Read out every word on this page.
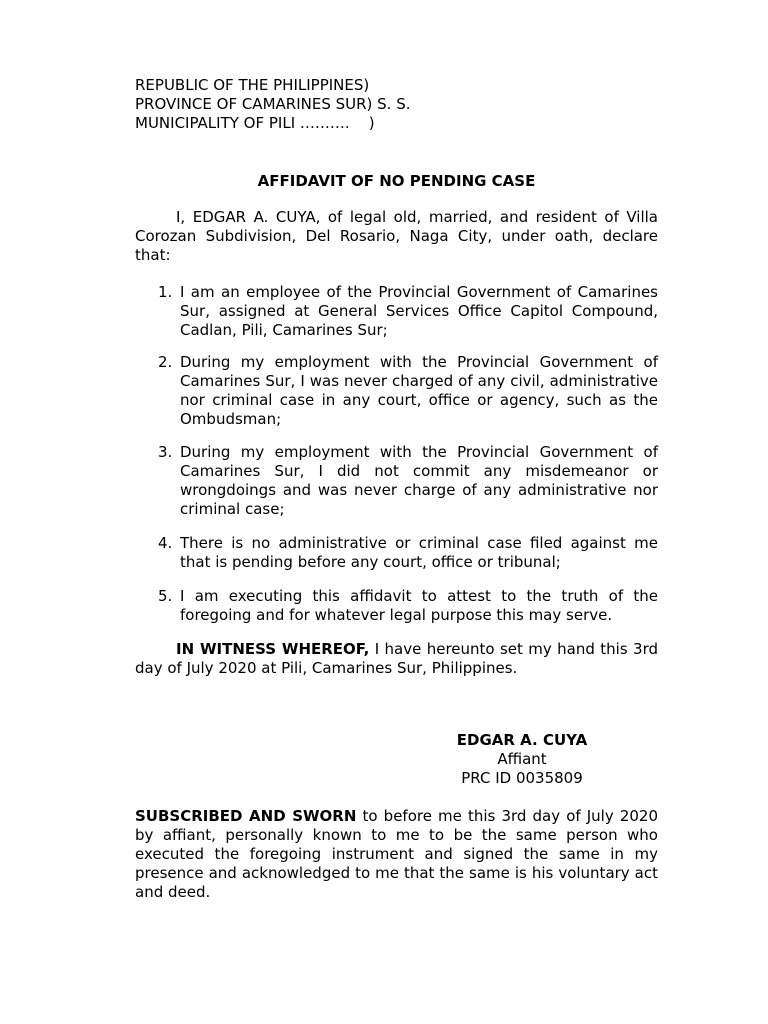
REPUBLIC OF THE PHILIPPINES)
PROVINCE OF CAMARINES SUR) S. S.
MUNICIPALITY OF PILI ……….    )
AFFIDAVIT OF NO PENDING CASE
I, EDGAR A. CUYA, of legal old, married, and resident of Villa Corozan Subdivision, Del Rosario, Naga City, under oath, declare that:
1. I am an employee of the Provincial Government of Camarines Sur, assigned at General Services Office Capitol Compound, Cadlan, Pili, Camarines Sur;
2. During my employment with the Provincial Government of Camarines Sur, I was never charged of any civil, administrative nor criminal case in any court, office or agency, such as the Ombudsman;
3. During my employment with the Provincial Government of Camarines Sur, I did not commit any misdemeanor or wrongdoings and was never charge of any administrative nor criminal case;
4. There is no administrative or criminal case filed against me that is pending before any court, office or tribunal;
5. I am executing this affidavit to attest to the truth of the foregoing and for whatever legal purpose this may serve.
IN WITNESS WHEREOF, I have hereunto set my hand this 3rd day of July 2020 at Pili, Camarines Sur, Philippines.
EDGAR A. CUYA
Affiant
PRC ID 0035809
SUBSCRIBED AND SWORN to before me this 3rd day of July 2020 by affiant, personally known to me to be the same person who executed the foregoing instrument and signed the same in my presence and acknowledged to me that the same is his voluntary act and deed.
